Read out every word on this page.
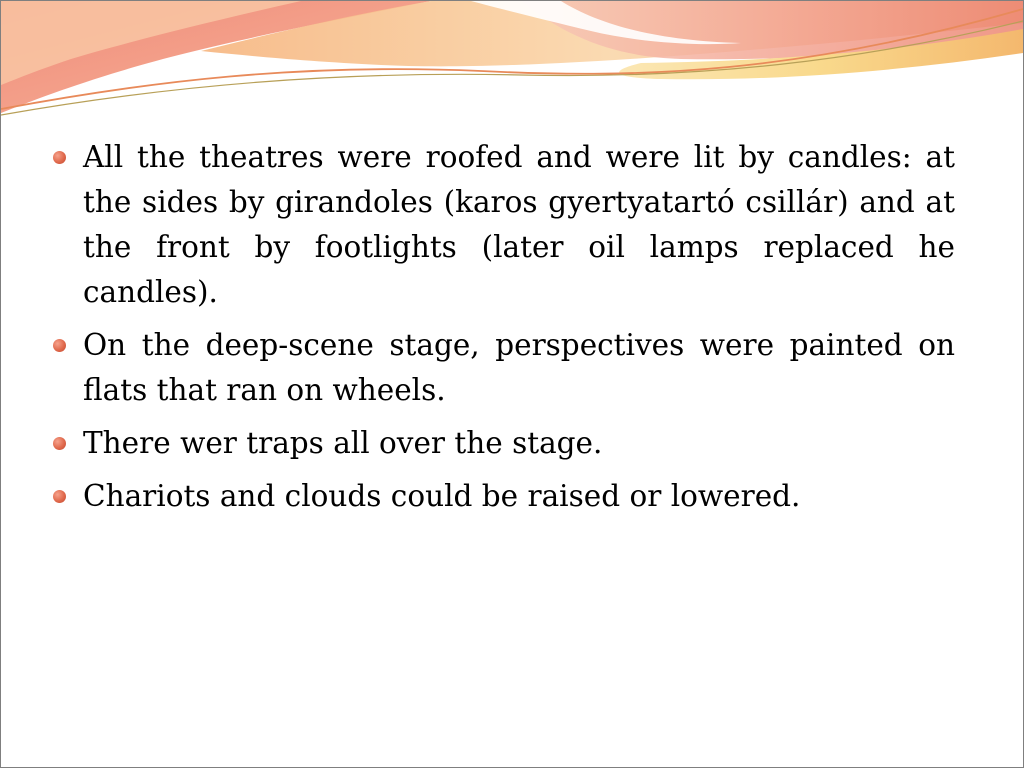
All the theatres were roofed and were lit by candles: at the sides by girandoles (karos gyertyatartó csillár) and at the front by footlights (later oil lamps replaced he candles).
On the deep-scene stage, perspectives were painted on flats that ran on wheels.
There wer traps all over the stage.
Chariots and clouds could be raised or lowered.
